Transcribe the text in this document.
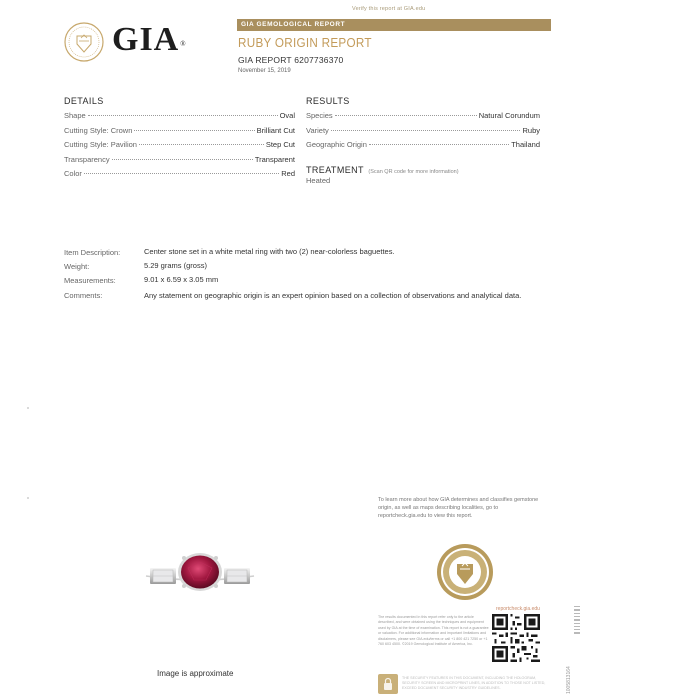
Verify this report at GIA.edu
GIA®
GIA GEMOLOGICAL REPORT
RUBY ORIGIN REPORT
GIA REPORT 6207736370
November 15, 2019
DETAILS
Shape	Oval
Cutting Style: Crown	Brilliant Cut
Cutting Style: Pavilion	Step Cut
Transparency	Transparent
Color	Red
RESULTS
Species	Natural Corundum
Variety	Ruby
Geographic Origin	Thailand
TREATMENT (Scan QR code for more information)
Heated
Item Description:	Center stone set in a white metal ring with two (2) near-colorless baguettes.
Weight:	5.29 grams (gross)
Measurements:	9.01 x 6.59 x 3.05 mm
Comments:	Any statement on geographic origin is an expert opinion based on a collection of observations and analytical data.
Image is approximate
To learn more about how GIA determines and classifies gemstone origin, as well as maps describing localities, go to reportcheck.gia.edu to view this report.
reportcheck.gia.edu
The results documented in this report refer only to the article described, and were obtained using the techniques and equipment used by GIA at the time of examination. This report is not a guarantee or valuation. For additional information and important limitations and disclaimers, please see GIA.edu/terms or call +1 800 421 7250 or +1 760 603 4500. ©2019 Gemological Institute of America, Inc.
THE SECURITY FEATURES IN THIS DOCUMENT, INCLUDING THE HOLOGRAM, SECURITY SCREEN AND MICROPRINT LINES, IN ADDITION TO THOSE NOT LISTED, EXCEED DOCUMENT SECURITY INDUSTRY GUIDELINES.	1005813164
